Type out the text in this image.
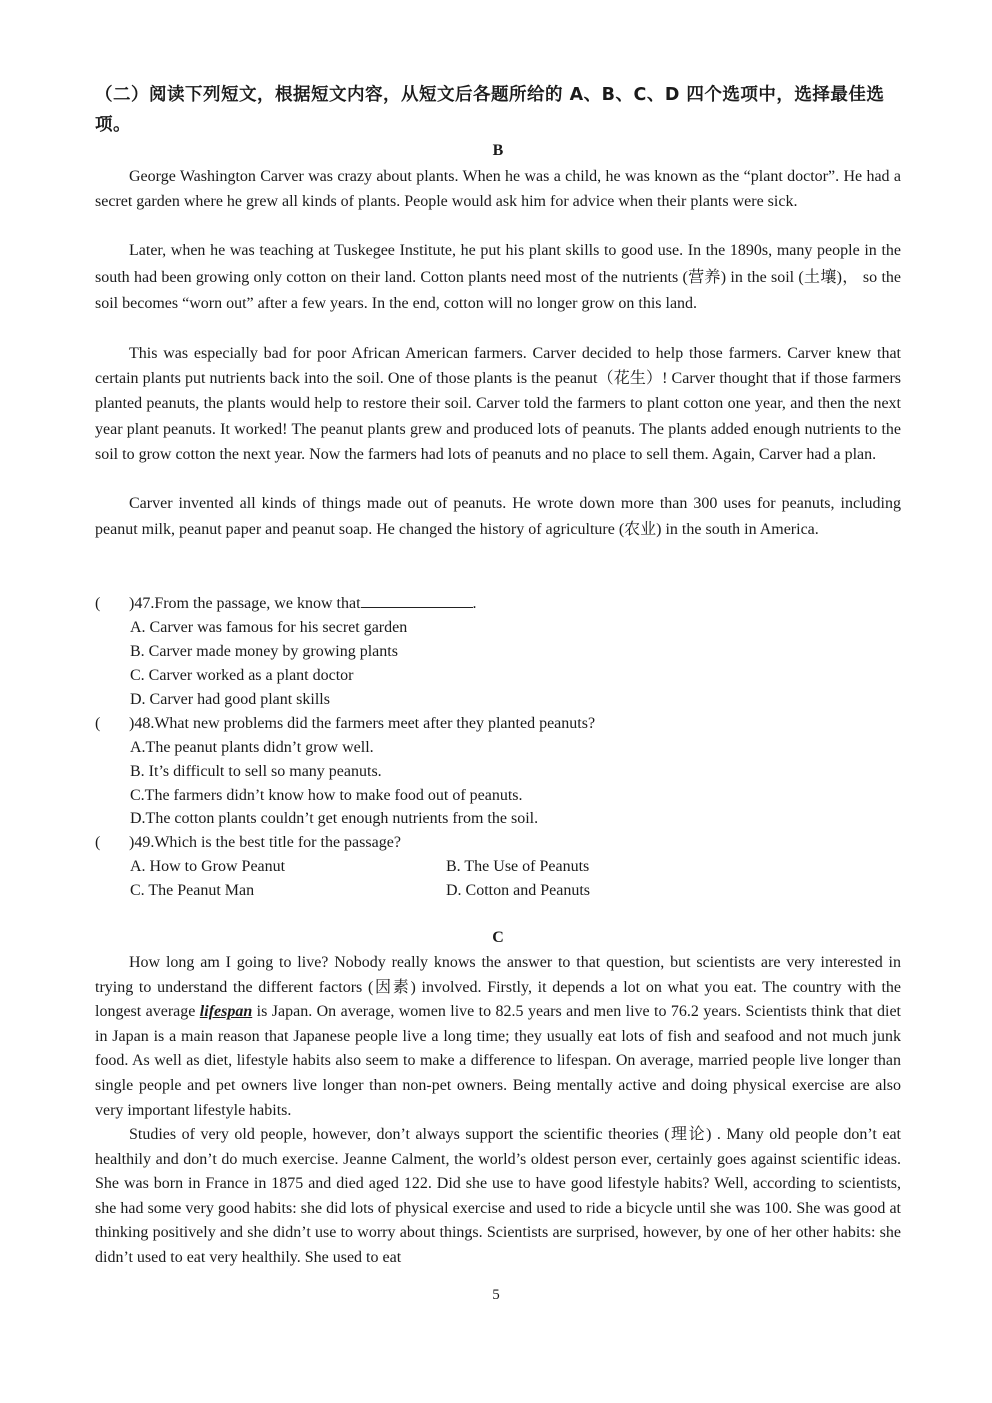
（二）阅读下列短文，根据短文内容，从短文后各题所给的 A、B、C、D 四个选项中，选择最佳选项。
B

George Washington Carver was crazy about plants. When he was a child, he was known as the “plant doctor”. He had a secret garden where he grew all kinds of plants. People would ask him for advice when their plants were sick.

Later, when he was teaching at Tuskegee Institute, he put his plant skills to good use. In the 1890s, many people in the south had been growing only cotton on their land. Cotton plants need most of the nutrients (营养) in the soil (土壤)， so the soil becomes “worn out” after a few years. In the end, cotton will no longer grow on this land.

This was especially bad for poor African American farmers. Carver decided to help those farmers. Carver knew that certain plants put nutrients back into the soil. One of those plants is the peanut（花生）! Carver thought that if those farmers planted peanuts, the plants would help to restore their soil. Carver told the farmers to plant cotton one year, and then the next year plant peanuts. It worked! The peanut plants grew and produced lots of peanuts. The plants added enough nutrients to the soil to grow cotton the next year. Now the farmers had lots of peanuts and no place to sell them. Again, Carver had a plan.

Carver invented all kinds of things made out of peanuts. He wrote down more than 300 uses for peanuts, including peanut milk, peanut paper and peanut soap. He changed the history of agriculture (农业) in the south in America.

( )47.From the passage, we know that	.
A. Carver was famous for his secret garden
B. Carver made money by growing plants
C. Carver worked as a plant doctor
D. Carver had good plant skills
( )48.What new problems did the farmers meet after they planted peanuts?
A.The peanut plants didn’t grow well.
B. It’s difficult to sell so many peanuts.
C.The farmers didn’t know how to make food out of peanuts.
D.The cotton plants couldn’t get enough nutrients from the soil.
( )49.Which is the best title for the passage?
A. How to Grow Peanut	B. The Use of Peanuts
C. The Peanut Man	D. Cotton and Peanuts
C

How long am I going to live? Nobody really knows the answer to that question, but scientists are very interested in trying to understand the different factors (因素) involved. Firstly, it depends a lot on what you eat. The country with the longest average lifespan is Japan. On average, women live to 82.5 years and men live to 76.2 years. Scientists think that diet in Japan is a main reason that Japanese people live a long time; they usually eat lots of fish and seafood and not much junk food. As well as diet, lifestyle habits also seem to make a difference to lifespan. On average, married people live longer than single people and pet owners live longer than non-pet owners. Being mentally active and doing physical exercise are also very important lifestyle habits.

Studies of very old people, however, don’t always support the scientific theories (理论) . Many old people don’t eat healthily and don’t do much exercise. Jeanne Calment, the world’s oldest person ever, certainly goes against scientific ideas. She was born in France in 1875 and died aged 122. Did she use to have good lifestyle habits? Well, according to scientists, she had some very good habits: she did lots of physical exercise and used to ride a bicycle until she was 100. She was good at thinking positively and she didn’t use to worry about things. Scientists are surprised, however, by one of her other habits: she didn’t used to eat very healthily. She used to eat

5
